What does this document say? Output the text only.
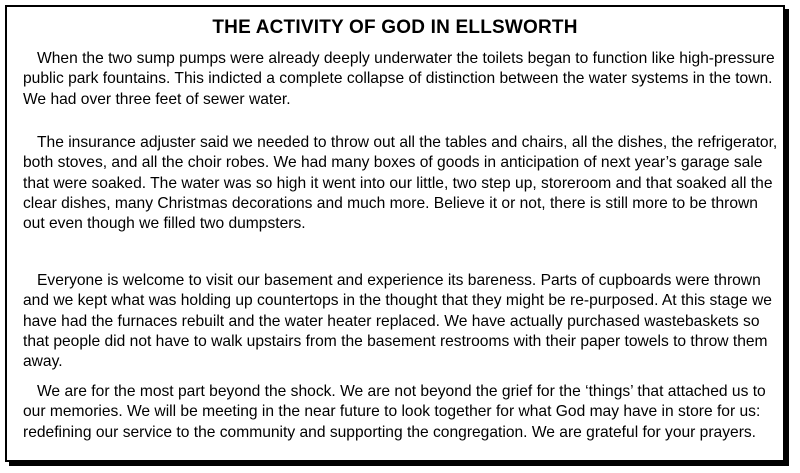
THE ACTIVITY OF GOD IN ELLSWORTH

When the two sump pumps were already deeply underwater the toilets began to function like high-pressure public park fountains. This indicted a complete collapse of distinction between the water systems in the town. We had over three feet of sewer water.

The insurance adjuster said we needed to throw out all the tables and chairs, all the dishes, the refrigerator, both stoves, and all the choir robes. We had many boxes of goods in anticipation of next year’s garage sale that were soaked. The water was so high it went into our little, two step up, storeroom and that soaked all the clear dishes, many Christmas decorations and much more. Believe it or not, there is still more to be thrown out even though we filled two dumpsters.

Everyone is welcome to visit our basement and experience its bareness. Parts of cupboards were thrown and we kept what was holding up countertops in the thought that they might be re-purposed. At this stage we have had the furnaces rebuilt and the water heater replaced. We have actually purchased wastebaskets so that people did not have to walk upstairs from the basement restrooms with their paper towels to throw them away.

We are for the most part beyond the shock. We are not beyond the grief for the ‘things’ that attached us to our memories. We will be meeting in the near future to look together for what God may have in store for us: redefining our service to the community and supporting the congregation. We are grateful for your prayers.
